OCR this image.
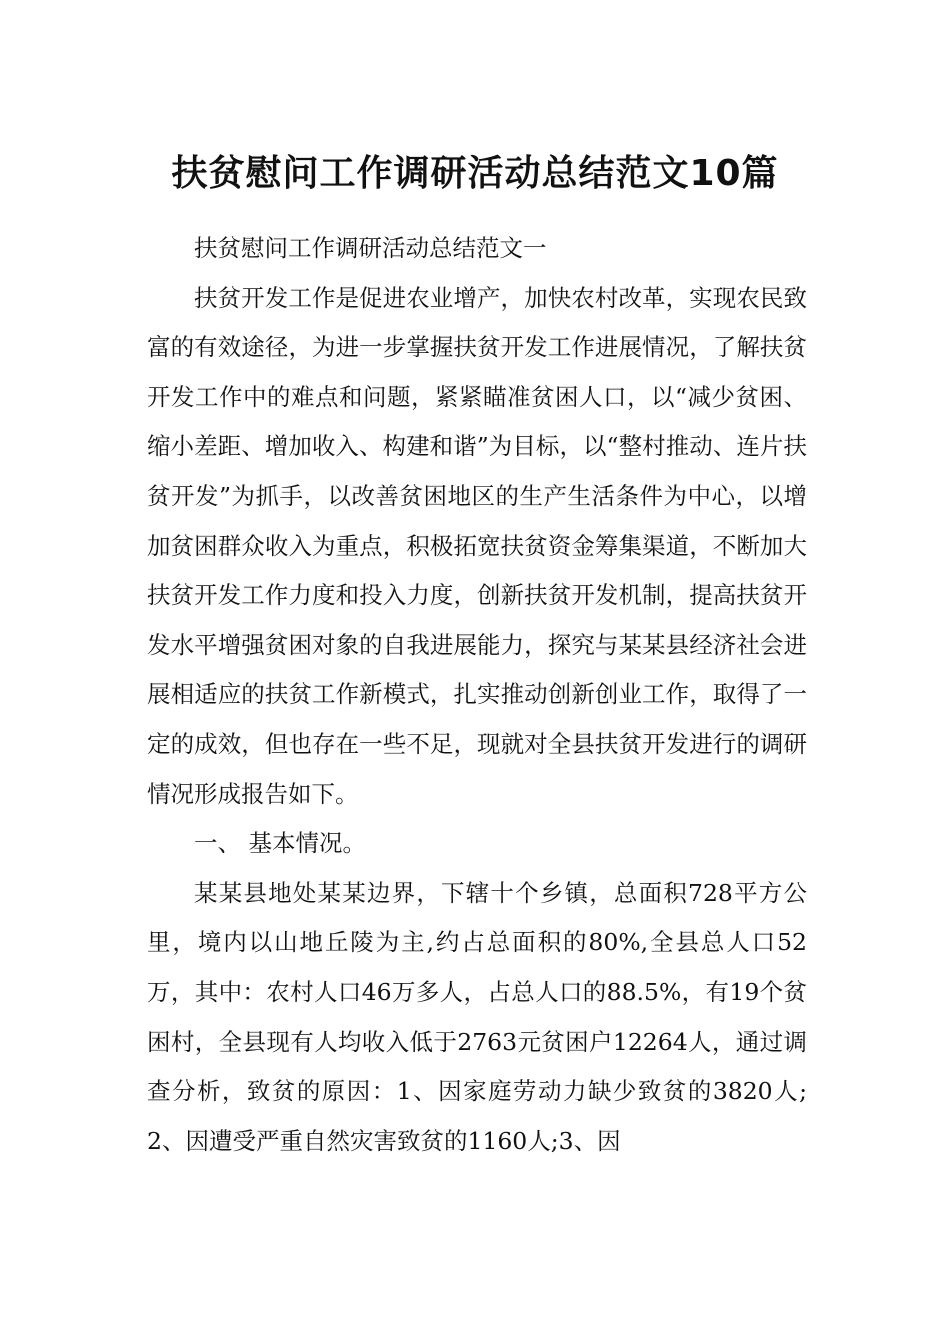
扶贫慰问工作调研活动总结范文10篇

扶贫慰问工作调研活动总结范文一

扶贫开发工作是促进农业增产，加快农村改革，实现农民致富的有效途径，为进一步掌握扶贫开发工作进展情况，了解扶贫开发工作中的难点和问题，紧紧瞄准贫困人口，以“减少贫困、缩小差距、增加收入、构建和谐”为目标，以“整村推动、连片扶贫开发”为抓手，以改善贫困地区的生产生活条件为中心，以增加贫困群众收入为重点，积极拓宽扶贫资金筹集渠道，不断加大扶贫开发工作力度和投入力度，创新扶贫开发机制，提高扶贫开发水平增强贫困对象的自我进展能力，探究与某某县经济社会进展相适应的扶贫工作新模式，扎实推动创新创业工作，取得了一定的成效，但也存在一些不足，现就对全县扶贫开发进行的调研情况形成报告如下。

一、 基本情况。

某某县地处某某边界，下辖十个乡镇，总面积728平方公里，境内以山地丘陵为主,约占总面积的80%,全县总人口52万，其中：农村人口46万多人，占总人口的88.5%，有19个贫困村，全县现有人均收入低于2763元贫困户12264人，通过调查分析，致贫的原因：1、因家庭劳动力缺少致贫的3820人;2、因遭受严重自然灾害致贫的1160人;3、因
